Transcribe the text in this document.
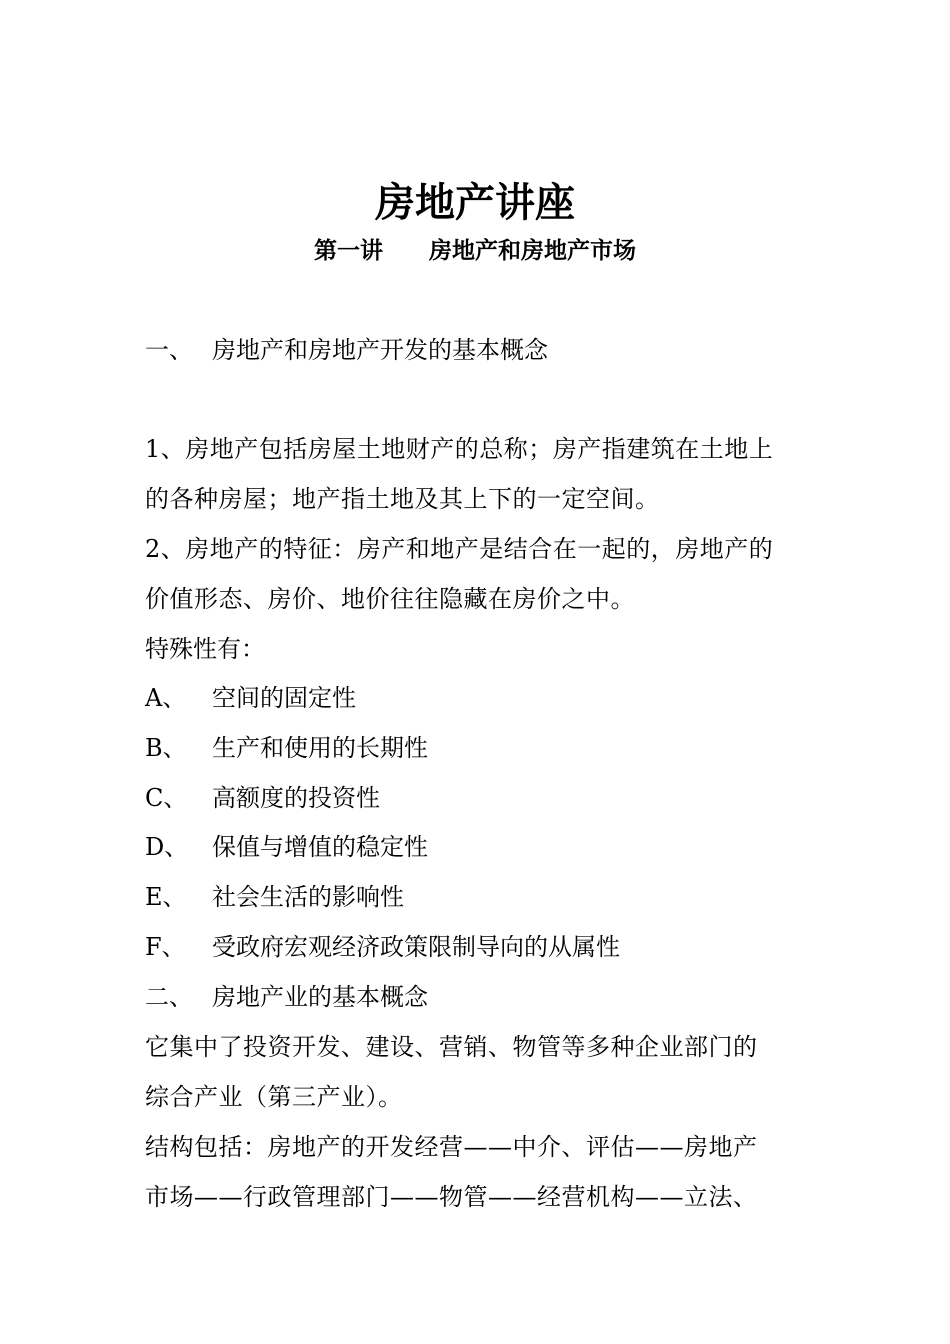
房地产讲座
第一讲　　房地产和房地产市场
一、 房地产和房地产开发的基本概念
1、房地产包括房屋土地财产的总称；房产指建筑在土地上
的各种房屋；地产指土地及其上下的一定空间。
2、房地产的特征：房产和地产是结合在一起的，房地产的
价值形态、房价、地价往往隐藏在房价之中。
特殊性有：
A、 空间的固定性
B、 生产和使用的长期性
C、 高额度的投资性
D、 保值与增值的稳定性
E、 社会生活的影响性
F、 受政府宏观经济政策限制导向的从属性
二、 房地产业的基本概念
它集中了投资开发、建设、营销、物管等多种企业部门的
综合产业（第三产业）。
结构包括：房地产的开发经营——中介、评估——房地产
市场——行政管理部门——物管——经营机构——立法、
